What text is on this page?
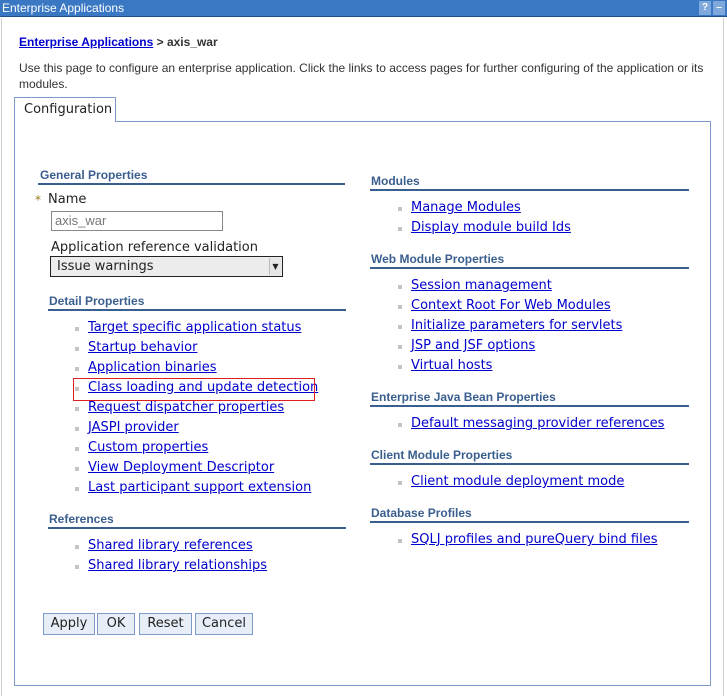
Enterprise Applications	? –
Enterprise Applications > axis_war
Use this page to configure an enterprise application. Click the links to access pages for further configuring of the application or its modules.
Configuration
General Properties
* Name
axis_war
Application reference validation
Issue warnings	▼
Detail Properties
Target specific application status
Startup behavior
Application binaries
Class loading and update detection
Request dispatcher properties
JASPI provider
Custom properties
View Deployment Descriptor
Last participant support extension
References
Shared library references
Shared library relationships
Modules
Manage Modules
Display module build Ids
Web Module Properties
Session management
Context Root For Web Modules
Initialize parameters for servlets
JSP and JSF options
Virtual hosts
Enterprise Java Bean Properties
Default messaging provider references
Client Module Properties
Client module deployment mode
Database Profiles
SQLJ profiles and pureQuery bind files
Apply	OK	Reset	Cancel
